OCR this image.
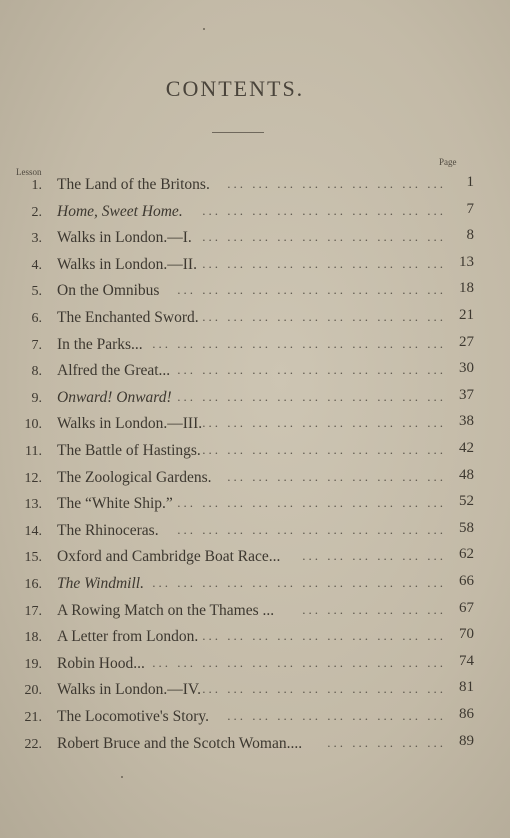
CONTENTS.
Lesson
Page
1. The Land of the Britons. ... ... ... ... ... ... ... ... ...	1
2. Home, Sweet Home. ... ... ... ... ... ... ... ... ... ...	7
3. Walks in London.—I. ... ... ... ... ... ... ... ... ... ...	8
4. Walks in London.—II. ... ... ... ... ... ... ... ... ... ... 13
5. On the Omnibus ... ... ... ... ... ... ... ... ... ... ... 18
6. The Enchanted Sword. ... ... ... ... ... ... ... ... ... ... 21
7. In the Parks... ... ... ... ... ... ... ... ... ... ... ... ... 27
8. Alfred the Great... ... ... ... ... ... ... ... ... ... ... ... 30
9. Onward! Onward! ... ... ... ... ... ... ... ... ... ... ... 37
10. Walks in London.—III. ... ... ... ... ... ... ... ... ... ... 38
11. The Battle of Hastings. ... ... ... ... ... ... ... ... ... ... 42
12. The Zoological Gardens. ... ... ... ... ... ... ... ... ... 48
13. The “White Ship.” ... ... ... ... ... ... ... ... ... ... ... 52
14. The Rhinoceras. ... ... ... ... ... ... ... ... ... ... ... 58
15. Oxford and Cambridge Boat Race... ... ... ... ... ... ... 62
16. The Windmill. ... ... ... ... ... ... ... ... ... ... ... ... 66
17. A Rowing Match on the Thames ... ... ... ... ... ... ... 67
18. A Letter from London. ... ... ... ... ... ... ... ... ... ... 70
19. Robin Hood... ... ... ... ... ... ... ... ... ... ... ... ... 74
20. Walks in London.—IV. ... ... ... ... ... ... ... ... ... ... 81
21. The Locomotive's Story. ... ... ... ... ... ... ... ... ... 86
22. Robert Bruce and the Scotch Woman.... ... ... ... ... ... 89
